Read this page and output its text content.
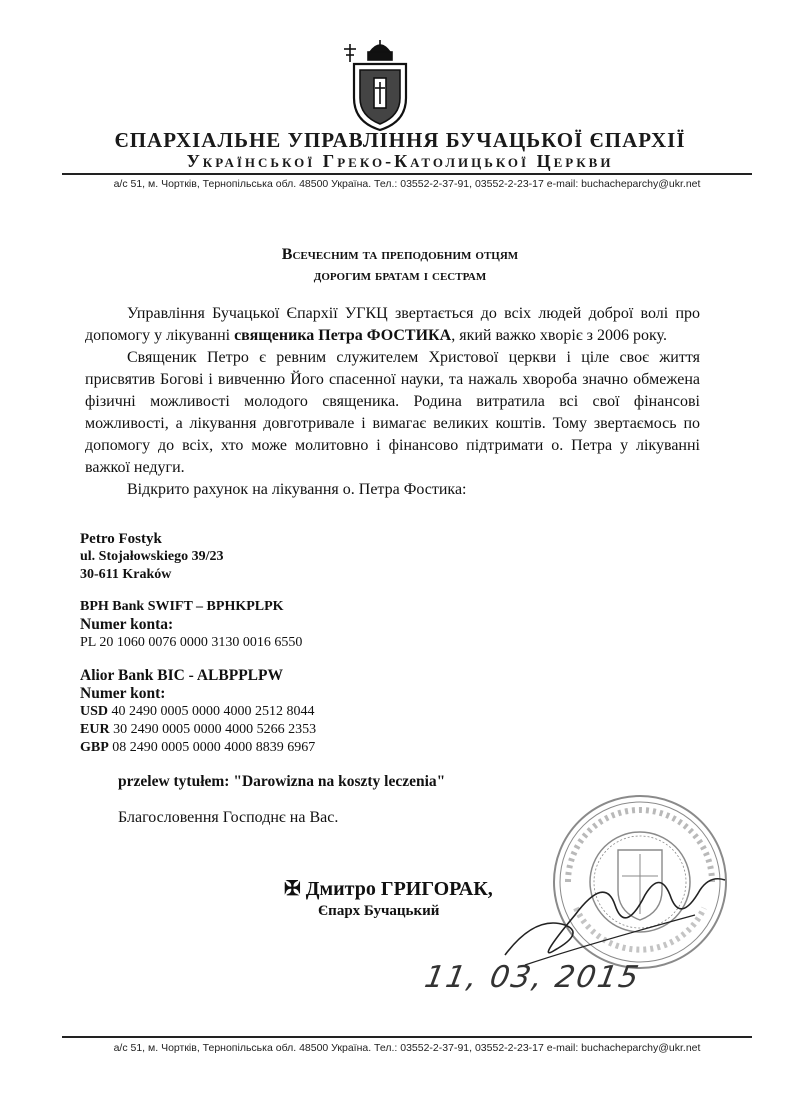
ЄПАРХІАЛЬНЕ УПРАВЛІННЯ БУЧАЦЬКОЇ ЄПАРХІЇ
Української Греко-Католицької Церкви
а/с 51, м. Чортків, Тернопільська обл. 48500 Україна. Тел.: 03552-2-37-91, 03552-2-23-17 e-mail: buchacheparchy@ukr.net
Всечесним та преподобним отцям
дорогим братам і сестрам

Управління Бучацької Єпархії УГКЦ звертається до всіх людей доброї волі про допомогу у лікуванні священика Петра ФОСТИКА, який важко хворіє з 2006 року.

Священик Петро є ревним служителем Христової церкви і ціле своє життя присвятив Богові і вивченню Його спасенної науки, та нажаль хвороба значно обмежена фізичні можливості молодого священика. Родина витратила всі свої фінансові можливості, а лікування довготривале і вимагає великих коштів. Тому звертаємось по допомогу до всіх, хто може молитовно і фінансово підтримати о. Петра у лікуванні важкої недуги.

Відкрито рахунок на лікування о. Петра Фостика:

Petro Fostyk
ul. Stojałowskiego 39/23
30-611 Kraków
BPH Bank SWIFT – BPHKPLPK
Numer konta:
PL 20 1060 0076 0000 3130 0016 6550
Alior Bank BIC - ALBPPLPW
Numer kont:
USD 40 2490 0005 0000 4000 2512 8044
EUR 30 2490 0005 0000 4000 5266 2353
GBP 08 2490 0005 0000 4000 8839 6967
przelew tytułem: "Darowizna na koszty leczenia"
Благословення Господнє на Вас.
✠ Дмитро ГРИГОРАК,
Єпарх Бучацький
11, 03, 2015
а/с 51, м. Чортків, Тернопільська обл. 48500 Україна. Тел.: 03552-2-37-91, 03552-2-23-17 e-mail: buchacheparchy@ukr.net
